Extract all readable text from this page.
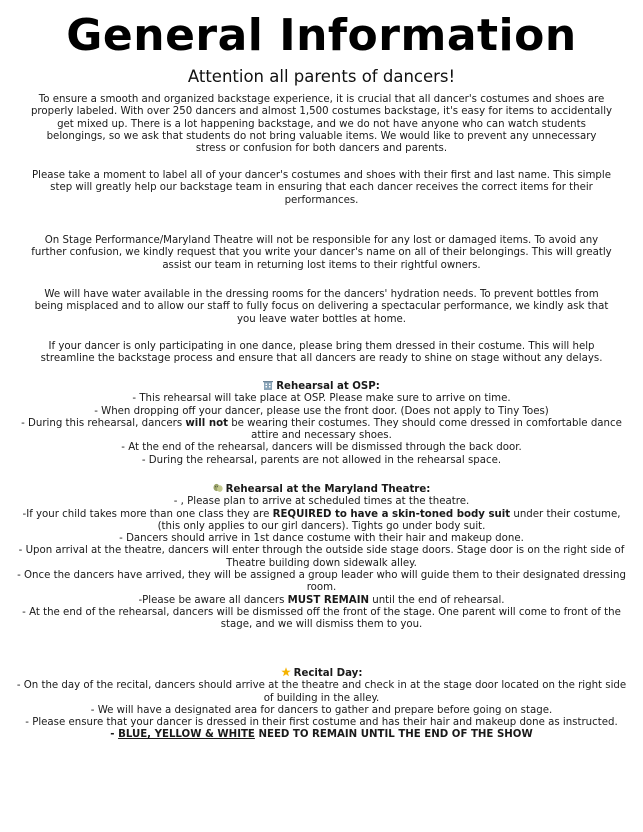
General Information
Attention all parents of dancers!

To ensure a smooth and organized backstage experience, it is crucial that all dancer's costumes and shoes are properly labeled. With over 250 dancers and almost 1,500 costumes backstage, it's easy for items to accidentally get mixed up. There is a lot happening backstage, and we do not have anyone who can watch students belongings, so we ask that students do not bring valuable items. We would like to prevent any unnecessary stress or confusion for both dancers and parents.

Please take a moment to label all of your dancer's costumes and shoes with their first and last name. This simple step will greatly help our backstage team in ensuring that each dancer receives the correct items for their performances.

On Stage Performance/Maryland Theatre will not be responsible for any lost or damaged items. To avoid any further confusion, we kindly request that you write your dancer's name on all of their belongings. This will greatly assist our team in returning lost items to their rightful owners.

We will have water available in the dressing rooms for the dancers' hydration needs. To prevent bottles from being misplaced and to allow our staff to fully focus on delivering a spectacular performance, we kindly ask that you leave water bottles at home.

If your dancer is only participating in one dance, please bring them dressed in their costume. This will help streamline the backstage process and ensure that all dancers are ready to shine on stage without any delays.

Rehearsal at OSP:
- This rehearsal will take place at OSP. Please make sure to arrive on time.
- When dropping off your dancer, please use the front door. (Does not apply to Tiny Toes)
- During this rehearsal, dancers will not be wearing their costumes. They should come dressed in comfortable dance attire and necessary shoes.
- At the end of the rehearsal, dancers will be dismissed through the back door.
- During the rehearsal, parents are not allowed in the rehearsal space.
Rehearsal at the Maryland Theatre:
- , Please plan to arrive at scheduled times at the theatre.
-If your child takes more than one class they are REQUIRED to have a skin-toned body suit under their costume, (this only applies to our girl dancers). Tights go under body suit.
- Dancers should arrive in 1st dance costume with their hair and makeup done.
- Upon arrival at the theatre, dancers will enter through the outside side stage doors. Stage door is on the right side of Theatre building down sidewalk alley.
- Once the dancers have arrived, they will be assigned a group leader who will guide them to their designated dressing room.
-Please be aware all dancers MUST REMAIN until the end of rehearsal.
- At the end of the rehearsal, dancers will be dismissed off the front of the stage. One parent will come to front of the stage, and we will dismiss them to you.
Recital Day:
- On the day of the recital, dancers should arrive at the theatre and check in at the stage door located on the right side of building in the alley.
- We will have a designated area for dancers to gather and prepare before going on stage.
- Please ensure that your dancer is dressed in their first costume and has their hair and makeup done as instructed.
- BLUE, YELLOW & WHITE NEED TO REMAIN UNTIL THE END OF THE SHOW
